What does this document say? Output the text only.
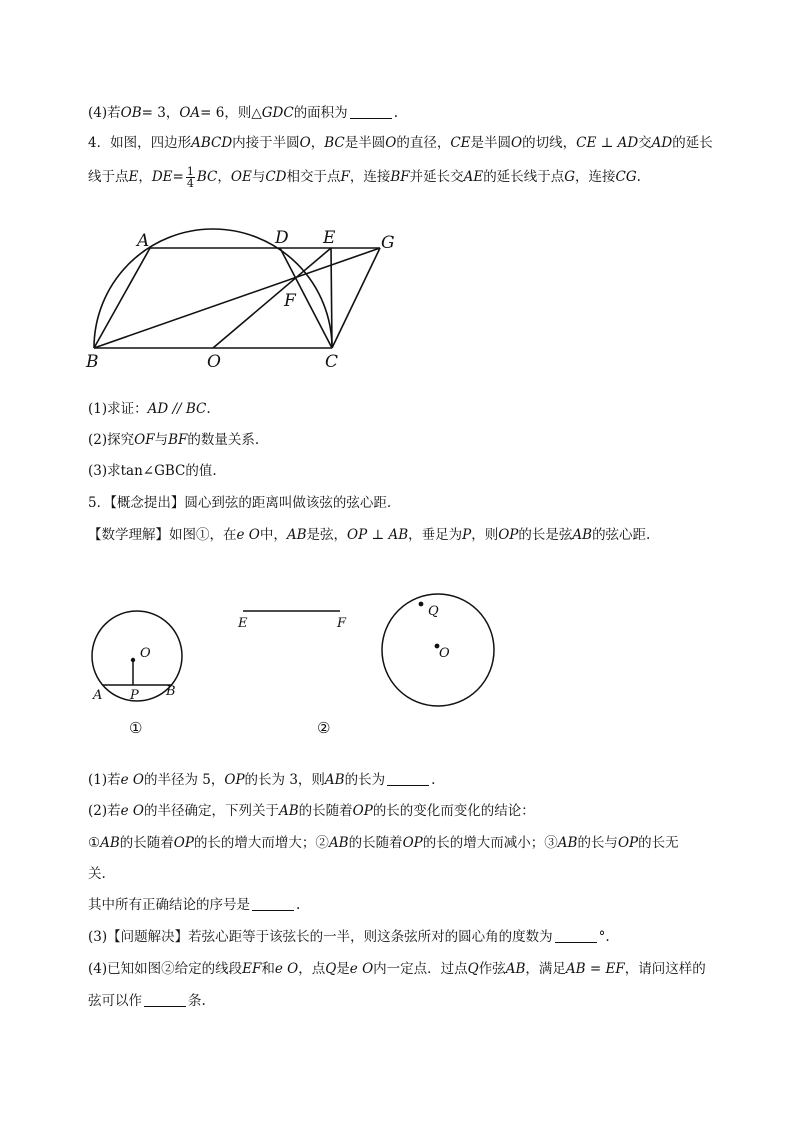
(4)若OB= 3，OA= 6，则△GDC的面积为	.
4．如图，四边形ABCD内接于半圆O，BC是半圆O的直径，CE是半圆O的切线，CE ⊥ AD交AD的延长
线于点E，$DE= \frac{1}{4}$ BC，OE与CD相交于点F，连接BF并延长交AE的延长线于点G，连接CG.
A	D E	G
F
B	O	C
(1)求证：AD // BC.
(2)探究OF与BF的数量关系.
(3)求tan∠GBC的值.
5．【概念提出】圆心到弦的距离叫做该弦的弦心距.
【数学理解】如图①，在e O中，AB是弦，OP ⊥ AB，垂足为P，则OP的长是弦AB的弦心距.
O
A P B
E	F
Q
O
①	②
(1)若e O的半径为 5，OP的长为 3，则AB的长为	.
(2)若e O的半径确定，下列关于AB的长随着OP的长的变化而变化的结论：
①AB的长随着OP的长的增大而增大；②AB的长随着OP的长的增大而减小；③AB的长与OP的长无
关.
其中所有正确结论的序号是	.
(3)【问题解决】若弦心距等于该弦长的一半，则这条弦所对的圆心角的度数为	°.
(4)已知如图②给定的线段EF和e O，点Q是e O内一定点．过点Q作弦AB，满足AB = EF，请问这样的
弦可以作	条.
